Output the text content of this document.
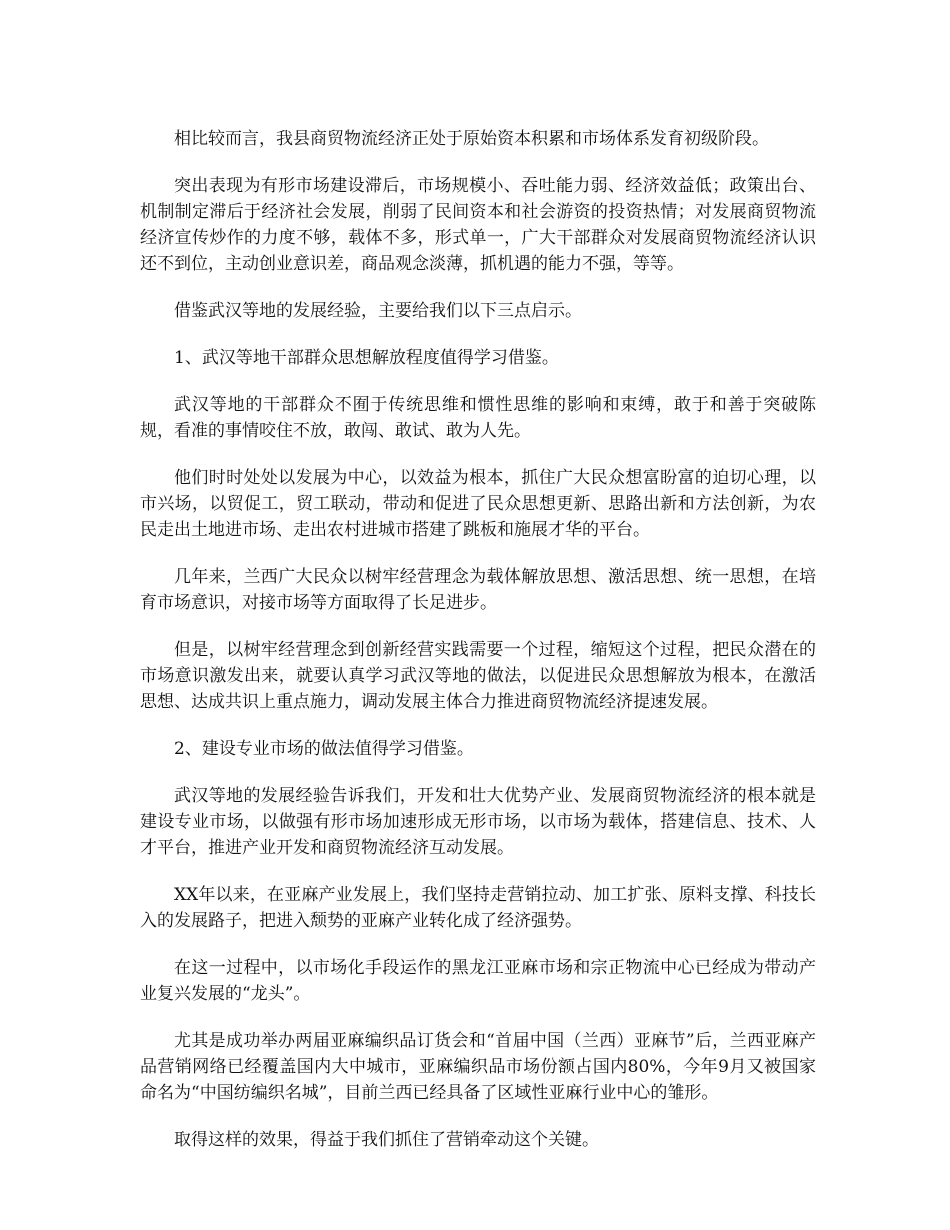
相比较而言，我县商贸物流经济正处于原始资本积累和市场体系发育初级阶段。

突出表现为有形市场建设滞后，市场规模小、吞吐能力弱、经济效益低；政策出台、机制制定滞后于经济社会发展，削弱了民间资本和社会游资的投资热情；对发展商贸物流经济宣传炒作的力度不够，载体不多，形式单一，广大干部群众对发展商贸物流经济认识还不到位，主动创业意识差，商品观念淡薄，抓机遇的能力不强，等等。

借鉴武汉等地的发展经验，主要给我们以下三点启示。

1、武汉等地干部群众思想解放程度值得学习借鉴。

武汉等地的干部群众不囿于传统思维和惯性思维的影响和束缚，敢于和善于突破陈规，看准的事情咬住不放，敢闯、敢试、敢为人先。

他们时时处处以发展为中心，以效益为根本，抓住广大民众想富盼富的迫切心理，以市兴场，以贸促工，贸工联动，带动和促进了民众思想更新、思路出新和方法创新，为农民走出土地进市场、走出农村进城市搭建了跳板和施展才华的平台。

几年来，兰西广大民众以树牢经营理念为载体解放思想、激活思想、统一思想，在培育市场意识，对接市场等方面取得了长足进步。

但是，以树牢经营理念到创新经营实践需要一个过程，缩短这个过程，把民众潜在的市场意识激发出来，就要认真学习武汉等地的做法，以促进民众思想解放为根本，在激活思想、达成共识上重点施力，调动发展主体合力推进商贸物流经济提速发展。

2、建设专业市场的做法值得学习借鉴。

武汉等地的发展经验告诉我们，开发和壮大优势产业、发展商贸物流经济的根本就是建设专业市场，以做强有形市场加速形成无形市场，以市场为载体，搭建信息、技术、人才平台，推进产业开发和商贸物流经济互动发展。

XX年以来，在亚麻产业发展上，我们坚持走营销拉动、加工扩张、原料支撑、科技长入的发展路子，把进入颓势的亚麻产业转化成了经济强势。

在这一过程中，以市场化手段运作的黑龙江亚麻市场和宗正物流中心已经成为带动产业复兴发展的“龙头”。

尤其是成功举办两届亚麻编织品订货会和“首届中国（兰西）亚麻节”后，兰西亚麻产品营销网络已经覆盖国内大中城市，亚麻编织品市场份额占国内80%，今年9月又被国家命名为“中国纺编织名城”，目前兰西已经具备了区域性亚麻行业中心的雏形。

取得这样的效果，得益于我们抓住了营销牵动这个关键。
